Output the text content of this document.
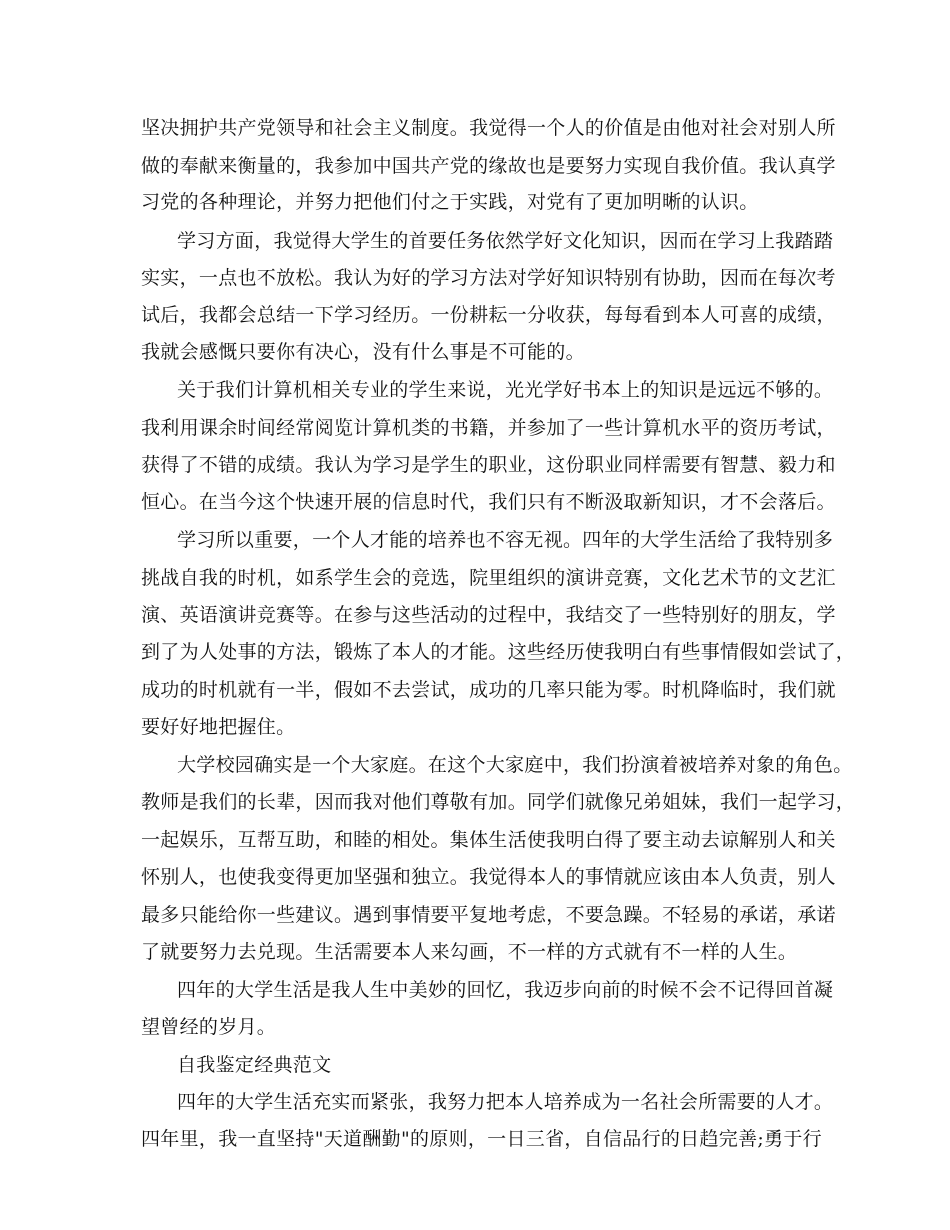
坚决拥护共产党领导和社会主义制度。我觉得一个人的价值是由他对社会对别人所
做的奉献来衡量的，我参加中国共产党的缘故也是要努力实现自我价值。我认真学
习党的各种理论，并努力把他们付之于实践，对党有了更加明晰的认识。
学习方面，我觉得大学生的首要任务依然学好文化知识，因而在学习上我踏踏
实实，一点也不放松。我认为好的学习方法对学好知识特别有协助，因而在每次考
试后，我都会总结一下学习经历。一份耕耘一分收获，每每看到本人可喜的成绩，
我就会感慨只要你有决心，没有什么事是不可能的。
关于我们计算机相关专业的学生来说，光光学好书本上的知识是远远不够的。
我利用课余时间经常阅览计算机类的书籍，并参加了一些计算机水平的资历考试，
获得了不错的成绩。我认为学习是学生的职业，这份职业同样需要有智慧、毅力和
恒心。在当今这个快速开展的信息时代，我们只有不断汲取新知识，才不会落后。
学习所以重要，一个人才能的培养也不容无视。四年的大学生活给了我特别多
挑战自我的时机，如系学生会的竞选，院里组织的演讲竞赛，文化艺术节的文艺汇
演、英语演讲竞赛等。在参与这些活动的过程中，我结交了一些特别好的朋友，学
到了为人处事的方法，锻炼了本人的才能。这些经历使我明白有些事情假如尝试了，
成功的时机就有一半，假如不去尝试，成功的几率只能为零。时机降临时，我们就
要好好地把握住。
大学校园确实是一个大家庭。在这个大家庭中，我们扮演着被培养对象的角色。
教师是我们的长辈，因而我对他们尊敬有加。同学们就像兄弟姐妹，我们一起学习，
一起娱乐，互帮互助，和睦的相处。集体生活使我明白得了要主动去谅解别人和关
怀别人，也使我变得更加坚强和独立。我觉得本人的事情就应该由本人负责，别人
最多只能给你一些建议。遇到事情要平复地考虑，不要急躁。不轻易的承诺，承诺
了就要努力去兑现。生活需要本人来勾画，不一样的方式就有不一样的人生。
四年的大学生活是我人生中美妙的回忆，我迈步向前的时候不会不记得回首凝
望曾经的岁月。
自我鉴定经典范文
四年的大学生活充实而紧张，我努力把本人培养成为一名社会所需要的人才。
四年里，我一直坚持"天道酬勤"的原则，一日三省，自信品行的日趋完善;勇于行
